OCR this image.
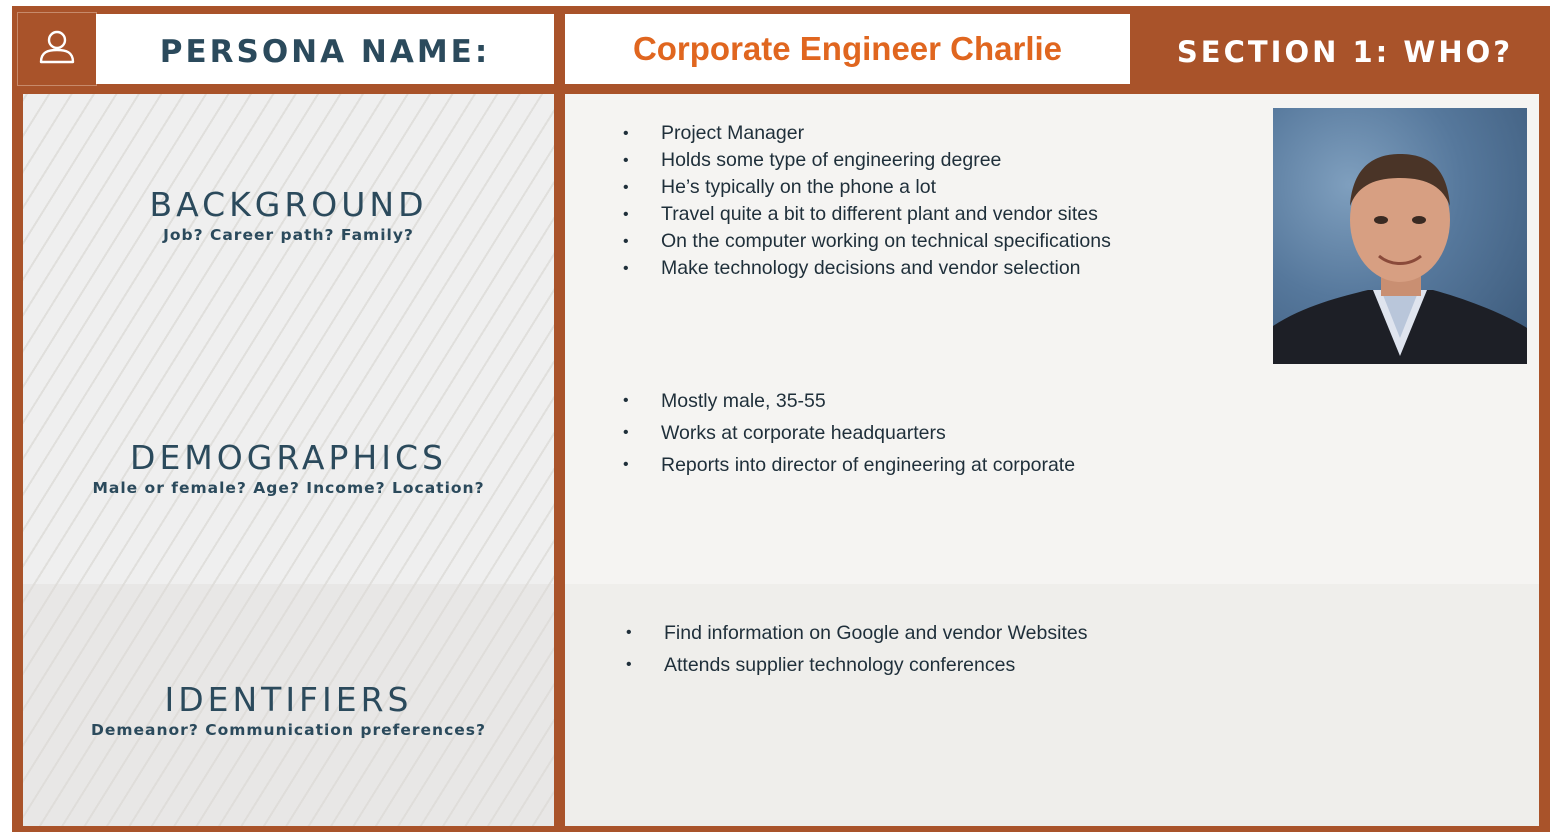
PERSONA NAME:	Corporate Engineer Charlie	SECTION 1: WHO?
BACKGROUND
Job? Career path? Family?
DEMOGRAPHICS
Male or female? Age? Income? Location?
IDENTIFIERS
Demeanor? Communication preferences?
• Project Manager
• Holds some type of engineering degree
• He’s typically on the phone a lot
• Travel quite a bit to different plant and vendor sites
• On the computer working on technical specifications
• Make technology decisions and vendor selection
• Mostly male, 35-55
• Works at corporate headquarters
• Reports into director of engineering at corporate
• Find information on Google and vendor Websites
• Attends supplier technology conferences
